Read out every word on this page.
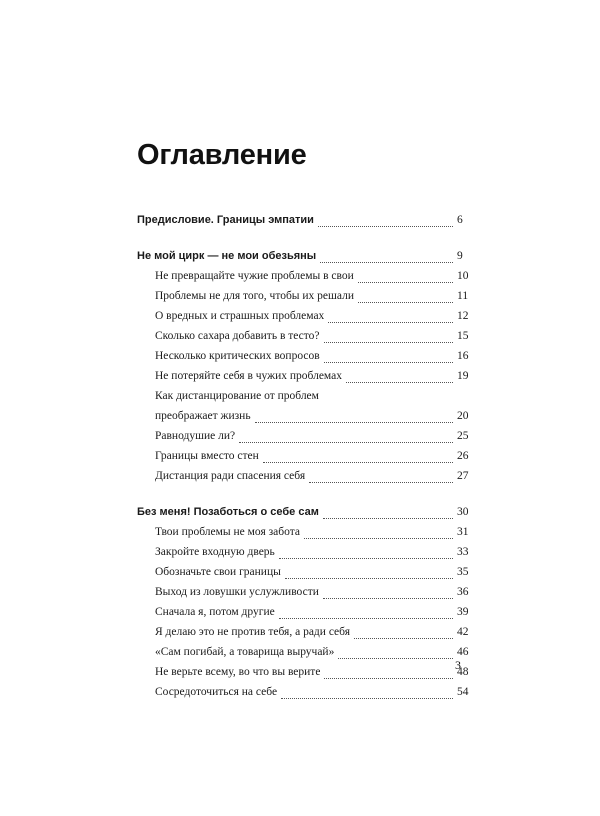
Оглавление
Предисловие. Границы эмпатии	6
Не мой цирк — не мои обезьяны	9
Не превращайте чужие проблемы в свои	10
Проблемы не для того, чтобы их решали	11
О вредных и страшных проблемах	12
Сколько сахара добавить в тесто?	15
Несколько критических вопросов	16
Не потеряйте себя в чужих проблемах	19
Как дистанцирование от проблем
преображает жизнь	20
Равнодушие ли?	25
Границы вместо стен	26
Дистанция ради спасения себя	27
Без меня! Позаботься о себе сам	30
Твои проблемы не моя забота	31
Закройте входную дверь	33
Обозначьте свои границы	35
Выход из ловушки услужливости	36
Сначала я, потом другие	39
Я делаю это не против тебя, а ради себя	42
«Сам погибай, а товарища выручай»	46
Не верьте всему, во что вы верите	48
Сосредоточиться на себе	54
3
